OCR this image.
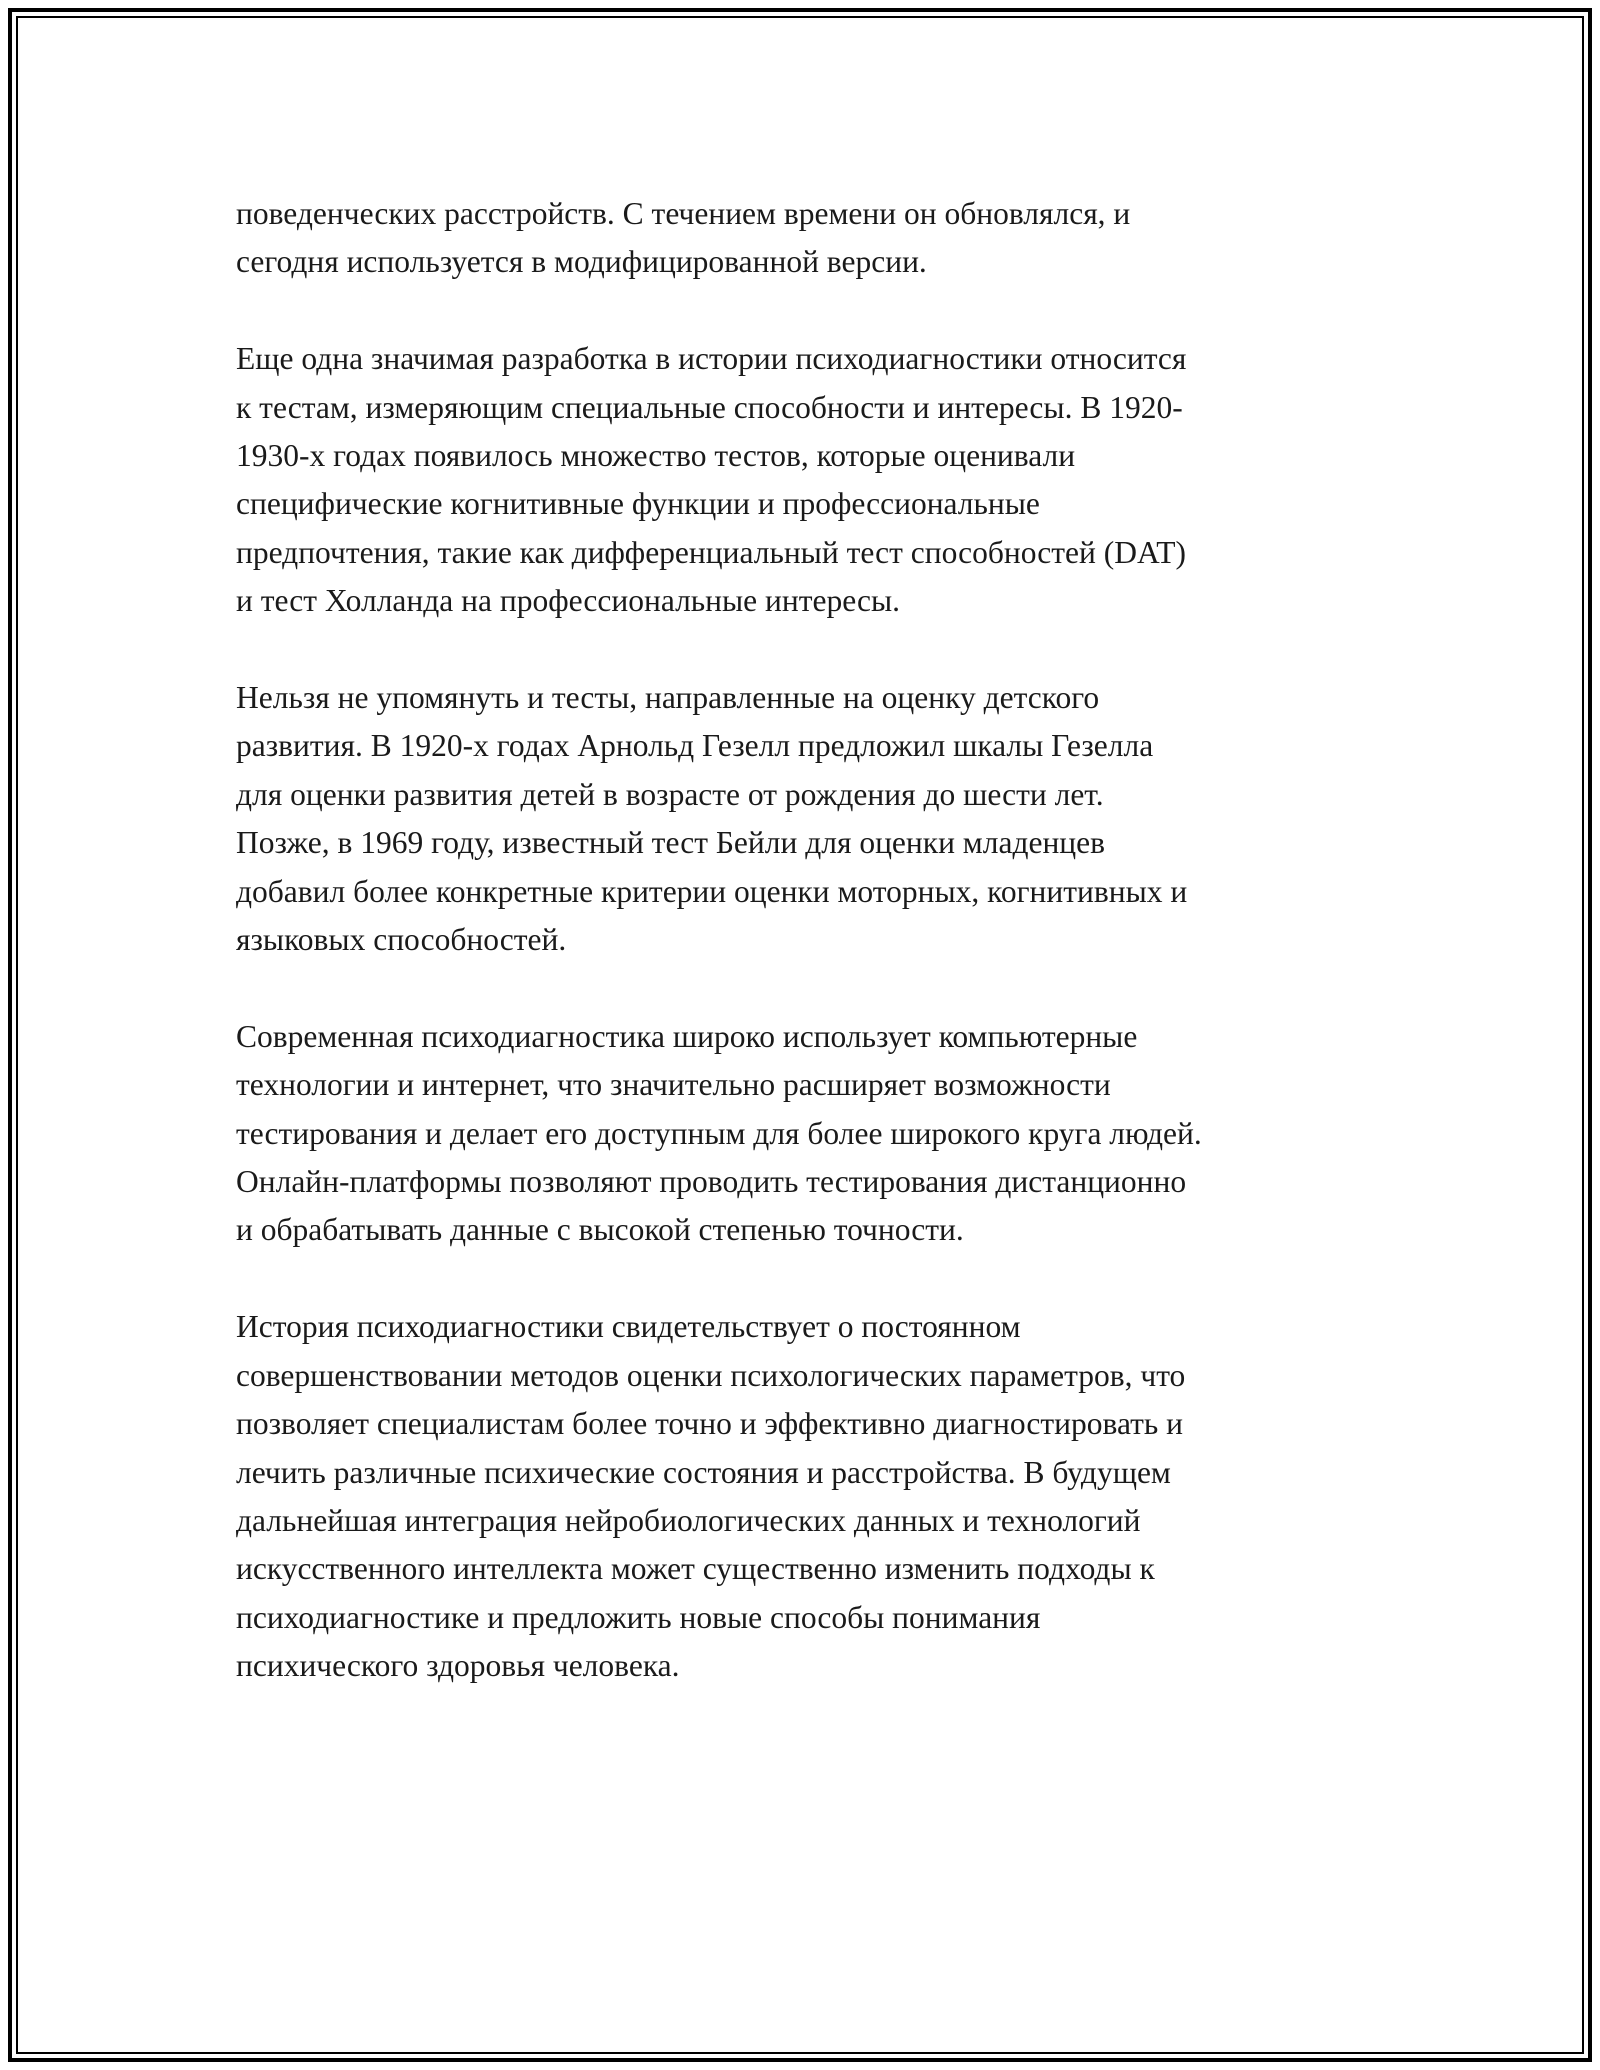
поведенческих расстройств. С течением времени он обновлялся, и
сегодня используется в модифицированной версии.

Еще одна значимая разработка в истории психодиагностики относится
к тестам, измеряющим специальные способности и интересы. В 1920-
1930-х годах появилось множество тестов, которые оценивали
специфические когнитивные функции и профессиональные
предпочтения, такие как дифференциальный тест способностей (DAT)
и тест Холланда на профессиональные интересы.

Нельзя не упомянуть и тесты, направленные на оценку детского
развития. В 1920-х годах Арнольд Гезелл предложил шкалы Гезелла
для оценки развития детей в возрасте от рождения до шести лет.
Позже, в 1969 году, известный тест Бейли для оценки младенцев
добавил более конкретные критерии оценки моторных, когнитивных и
языковых способностей.

Современная психодиагностика широко использует компьютерные
технологии и интернет, что значительно расширяет возможности
тестирования и делает его доступным для более широкого круга людей.
Онлайн-платформы позволяют проводить тестирования дистанционно
и обрабатывать данные с высокой степенью точности.

История психодиагностики свидетельствует о постоянном
совершенствовании методов оценки психологических параметров, что
позволяет специалистам более точно и эффективно диагностировать и
лечить различные психические состояния и расстройства. В будущем
дальнейшая интеграция нейробиологических данных и технологий
искусственного интеллекта может существенно изменить подходы к
психодиагностике и предложить новые способы понимания
психического здоровья человека.
